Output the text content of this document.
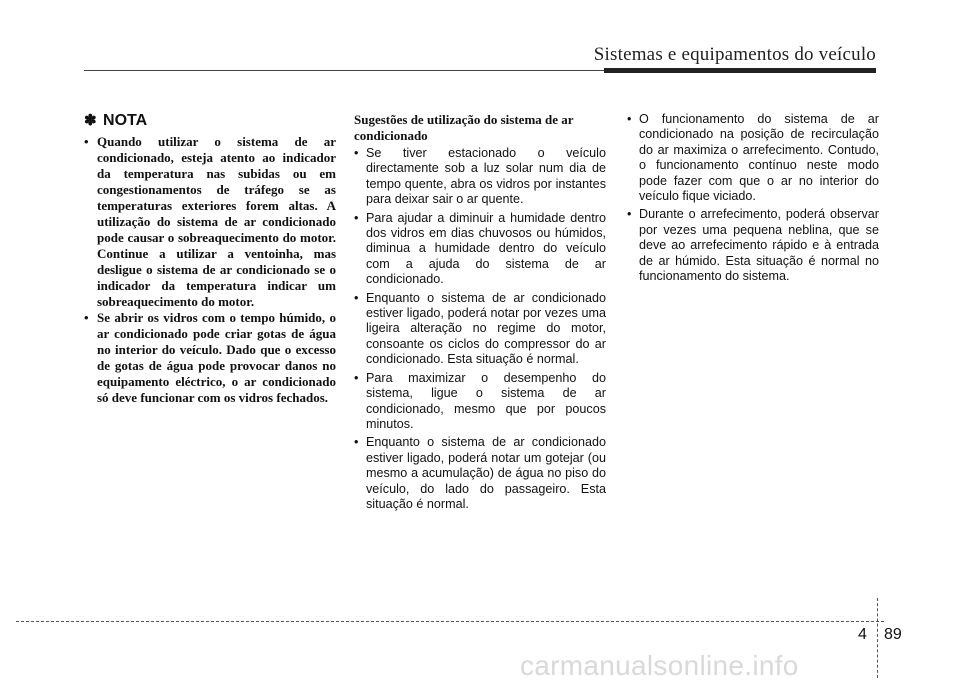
Sistemas e equipamentos do veículo
✽ NOTA
• Quando utilizar o sistema de ar condicionado, esteja atento ao indicador da temperatura nas subidas ou em congestionamentos de tráfego se as temperaturas exteriores forem altas. A utilização do sistema de ar condicionado pode causar o sobreaquecimento do motor. Continue a utilizar a ventoinha, mas desligue o sistema de ar condicionado se o indicador da temperatura indicar um sobreaquecimento do motor.
• Se abrir os vidros com o tempo húmido, o ar condicionado pode criar gotas de água no interior do veículo. Dado que o excesso de gotas de água pode provocar danos no equipamento eléctrico, o ar condicionado só deve funcionar com os vidros fechados.
Sugestões de utilização do sistema de ar condicionado
• Se tiver estacionado o veículo directamente sob a luz solar num dia de tempo quente, abra os vidros por instantes para deixar sair o ar quente.
• Para ajudar a diminuir a humidade dentro dos vidros em dias chuvosos ou húmidos, diminua a humidade dentro do veículo com a ajuda do sistema de ar condicionado.
• Enquanto o sistema de ar condicionado estiver ligado, poderá notar por vezes uma ligeira alteração no regime do motor, consoante os ciclos do compressor do ar condicionado. Esta situação é normal.
• Para maximizar o desempenho do sistema, ligue o sistema de ar condicionado, mesmo que por poucos minutos.
• Enquanto o sistema de ar condicionado estiver ligado, poderá notar um gotejar (ou mesmo a acumulação) de água no piso do veículo, do lado do passageiro. Esta situação é normal.
• O funcionamento do sistema de ar condicionado na posição de recirculação do ar maximiza o arrefecimento. Contudo, o funcionamento contínuo neste modo pode fazer com que o ar no interior do veículo fique viciado.
• Durante o arrefecimento, poderá observar por vezes uma pequena neblina, que se deve ao arrefecimento rápido e à entrada de ar húmido. Esta situação é normal no funcionamento do sistema.
4 89
carmanualsonline.info
